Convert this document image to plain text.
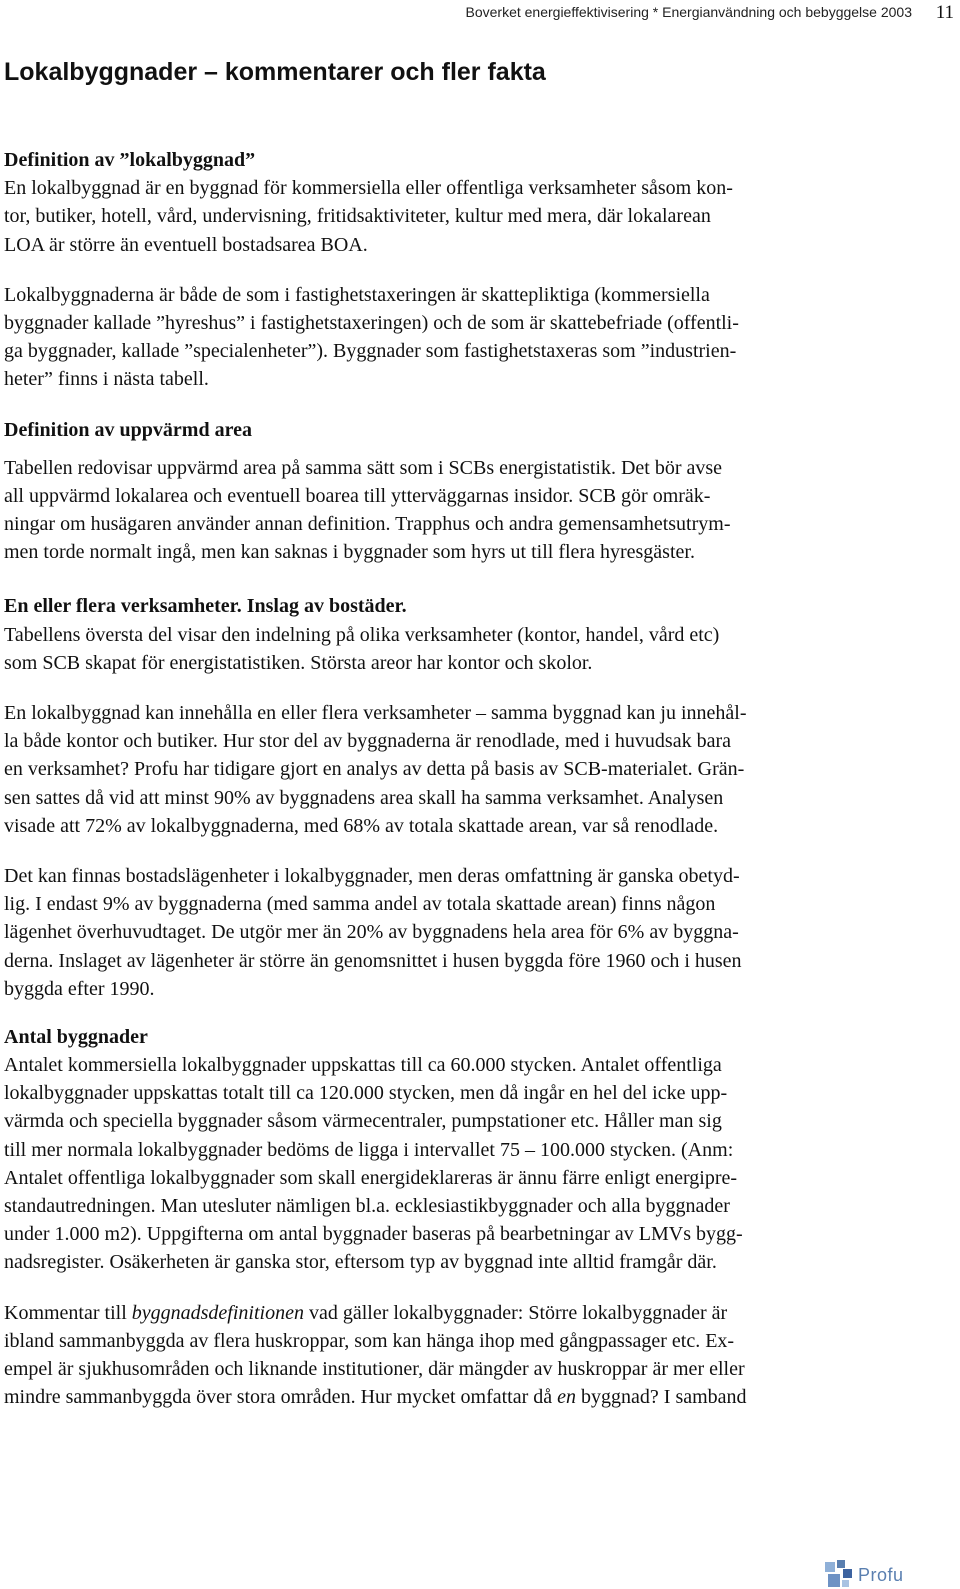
Boverket energieffektivisering * Energianvändning och bebyggelse 2003 11
Lokalbyggnader – kommentarer och fler fakta
Definition av ”lokalbyggnad”
En lokalbyggnad är en byggnad för kommersiella eller offentliga verksamheter såsom kon-
tor, butiker, hotell, vård, undervisning, fritidsaktiviteter, kultur med mera, där lokalarean
LOA är större än eventuell bostadsarea BOA.
Lokalbyggnaderna är både de som i fastighetstaxeringen är skattepliktiga (kommersiella
byggnader kallade ”hyreshus” i fastighetstaxeringen) och de som är skattebefriade (offentli-
ga byggnader, kallade ”specialenheter”). Byggnader som fastighetstaxeras som ”industrien-
heter” finns i nästa tabell.
Definition av uppvärmd area
Tabellen redovisar uppvärmd area på samma sätt som i SCBs energistatistik. Det bör avse
all uppvärmd lokalarea och eventuell boarea till ytterväggarnas insidor. SCB gör omräk-
ningar om husägaren använder annan definition. Trapphus och andra gemensamhetsutrym-
men torde normalt ingå, men kan saknas i byggnader som hyrs ut till flera hyresgäster.
En eller flera verksamheter. Inslag av bostäder.
Tabellens översta del visar den indelning på olika verksamheter (kontor, handel, vård etc)
som SCB skapat för energistatistiken. Största areor har kontor och skolor.
En lokalbyggnad kan innehålla en eller flera verksamheter – samma byggnad kan ju innehål-
la både kontor och butiker. Hur stor del av byggnaderna är renodlade, med i huvudsak bara
en verksamhet? Profu har tidigare gjort en analys av detta på basis av SCB-materialet. Grän-
sen sattes då vid att minst 90% av byggnadens area skall ha samma verksamhet. Analysen
visade att 72% av lokalbyggnaderna, med 68% av totala skattade arean, var så renodlade.
Det kan finnas bostadslägenheter i lokalbyggnader, men deras omfattning är ganska obetyd-
lig. I endast 9% av byggnaderna (med samma andel av totala skattade arean) finns någon
lägenhet överhuvudtaget. De utgör mer än 20% av byggnadens hela area för 6% av byggna-
derna. Inslaget av lägenheter är större än genomsnittet i husen byggda före 1960 och i husen
byggda efter 1990.
Antal byggnader
Antalet kommersiella lokalbyggnader uppskattas till ca 60.000 stycken. Antalet offentliga
lokalbyggnader uppskattas totalt till ca 120.000 stycken, men då ingår en hel del icke upp-
värmda och speciella byggnader såsom värmecentraler, pumpstationer etc. Håller man sig
till mer normala lokalbyggnader bedöms de ligga i intervallet 75 – 100.000 stycken. (Anm:
Antalet offentliga lokalbyggnader som skall energideklareras är ännu färre enligt energipre-
standautredningen. Man utesluter nämligen bl.a. ecklesiastikbyggnader och alla byggnader
under 1.000 m2). Uppgifterna om antal byggnader baseras på bearbetningar av LMVs bygg-
nadsregister. Osäkerheten är ganska stor, eftersom typ av byggnad inte alltid framgår där.
Kommentar till byggnadsdefinitionen vad gäller lokalbyggnader: Större lokalbyggnader är
ibland sammanbyggda av flera huskroppar, som kan hänga ihop med gångpassager etc. Ex-
empel är sjukhusområden och liknande institutioner, där mängder av huskroppar är mer eller
mindre sammanbyggda över stora områden. Hur mycket omfattar då en byggnad? I samband
Profu
